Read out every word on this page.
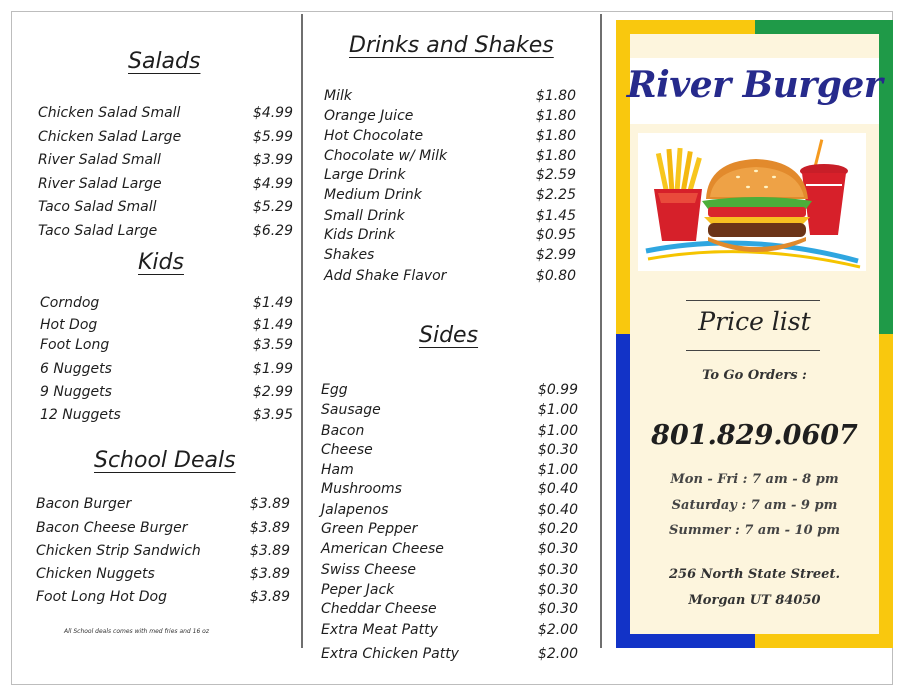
Salads
Chicken Salad Small	$4.99
Chicken Salad Large	$5.99
River Salad Small	$3.99
River Salad Large	$4.99
Taco Salad Small	$5.29
Taco Salad Large	$6.29
Kids
Corndog	$1.49
Hot Dog	$1.49
Foot Long	$3.59
6 Nuggets	$1.99
9 Nuggets	$2.99
12 Nuggets	$3.95
School Deals
Bacon Burger	$3.89
Bacon Cheese Burger	$3.89
Chicken Strip Sandwich	$3.89
Chicken Nuggets	$3.89
Foot Long Hot Dog	$3.89
All School deals comes with med fries and 16 oz
Drinks and Shakes
Milk	$1.80
Orange Juice	$1.80
Hot Chocolate	$1.80
Chocolate w/ Milk	$1.80
Large Drink	$2.59
Medium Drink	$2.25
Small Drink	$1.45
Kids Drink	$0.95
Shakes	$2.99
Add Shake Flavor	$0.80
Sides
Egg	$0.99
Sausage	$1.00
Bacon	$1.00
Cheese	$0.30
Ham	$1.00
Mushrooms	$0.40
Jalapenos	$0.40
Green Pepper	$0.20
American Cheese	$0.30
Swiss Cheese	$0.30
Peper Jack	$0.30
Cheddar Cheese	$0.30
Extra Meat Patty	$2.00
Extra Chicken Patty	$2.00
River Burger
Price list
To Go Orders :
801.829.0607
Mon - Fri : 7 am - 8 pm
Saturday : 7 am - 9 pm
Summer : 7 am - 10 pm
256 North State Street.
Morgan UT 84050
